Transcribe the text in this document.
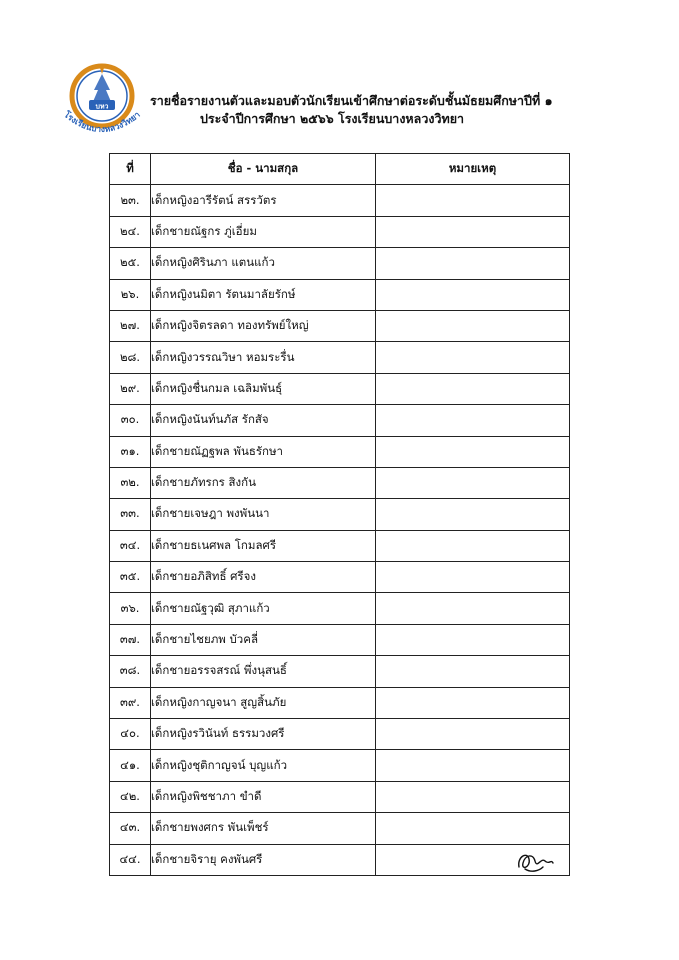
บหว
โรงเรียนบางหลวงวิทยา
รายชื่อรายงานตัวและมอบตัวนักเรียนเข้าศึกษาต่อระดับชั้นมัธยมศึกษาปีที่ ๑
ประจำปีการศึกษา ๒๕๖๖ โรงเรียนบางหลวงวิทยา
ที่	ชื่อ - นามสกุล	หมายเหตุ
๒๓.	เด็กหญิงอารีรัตน์ สรรวัตร	
๒๔.	เด็กชายณัฐกร ภู่เอี่ยม	
๒๕.	เด็กหญิงศิรินภา แตนแก้ว	
๒๖.	เด็กหญิงนมิตา รัตนมาลัยรักษ์	
๒๗.	เด็กหญิงจิตรลดา ทองทรัพย์ใหญ่	
๒๘.	เด็กหญิงวรรณวิษา หอมระรื่น	
๒๙.	เด็กหญิงชื่นกมล เฉลิมพันธุ์	
๓๐.	เด็กหญิงนันท์นภัส รักสัจ	
๓๑.	เด็กชายณัฏฐพล พันธรักษา	
๓๒.	เด็กชายภัทรกร สิงกัน	
๓๓.	เด็กชายเจษฎา พงพันนา	
๓๔.	เด็กชายธเนศพล โกมลศรี	
๓๕.	เด็กชายอภิสิทธิ์ ศรีจง	
๓๖.	เด็กชายณัฐวุฒิ สุภาแก้ว	
๓๗.	เด็กชายไชยภพ บัวคลี่	
๓๘.	เด็กชายอรรจสรณ์ พึ่งนุสนธิ์	
๓๙.	เด็กหญิงกาญจนา สูญสิ้นภัย	
๔๐.	เด็กหญิงรวินันท์ ธรรมวงศรี	
๔๑.	เด็กหญิงชุติกาญจน์ บุญแก้ว	
๔๒.	เด็กหญิงพิชชาภา ขำดี	
๔๓.	เด็กชายพงศกร พันเพ็ชร์	
๔๔.	เด็กชายจิรายุ คงพันศรี	
